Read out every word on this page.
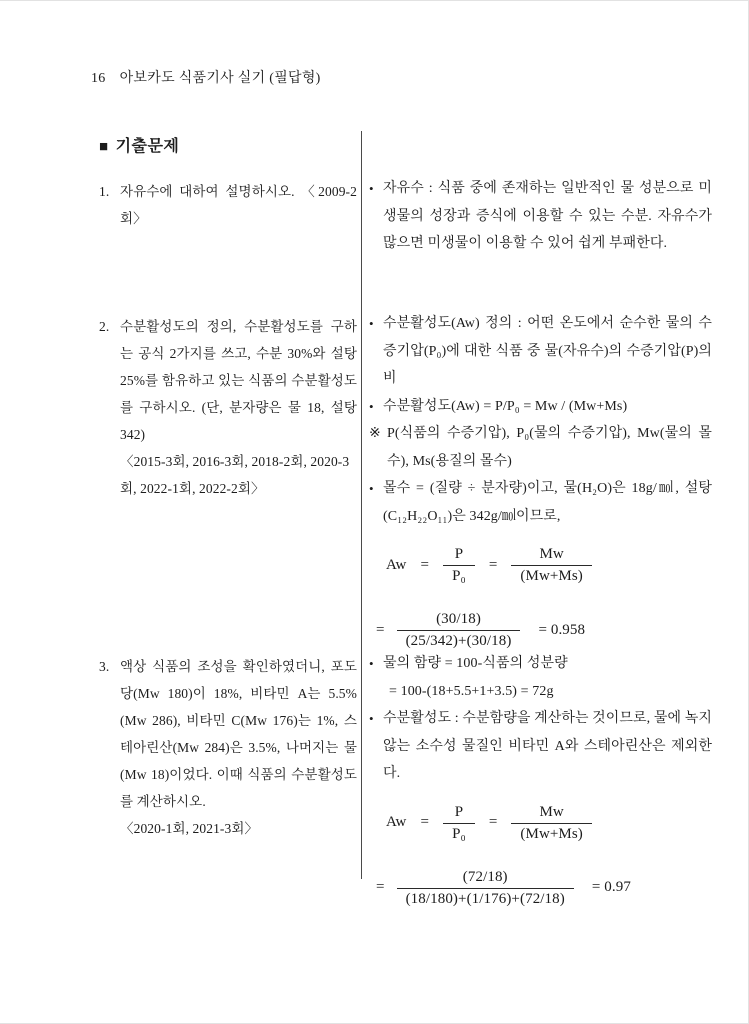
16 아보카도 식품기사 실기 (필답형)
■ 기출문제
1. 자유수에 대하여 설명하시오. 〈2009-2회〉
• 자유수 : 식품 중에 존재하는 일반적인 물 성분으로 미생물의 성장과 증식에 이용할 수 있는 수분. 자유수가 많으면 미생물이 이용할 수 있어 쉽게 부패한다.
2. 수분활성도의 정의, 수분활성도를 구하는 공식 2가지를 쓰고, 수분 30%와 설탕 25%를 함유하고 있는 식품의 수분활성도를 구하시오. (단, 분자량은 물 18, 설탕 342)
〈2015-3회, 2016-3회, 2018-2회, 2020-3회, 2022-1회, 2022-2회〉
• 수분활성도(Aw) 정의 : 어떤 온도에서 순수한 물의 수증기압(P₀)에 대한 식품 중 물(자유수)의 수증기압(P)의 비
• 수분활성도(Aw) = P/P₀ = Mw / (Mw+Ms)
※ P(식품의 수증기압), P₀(물의 수증기압), Mw(물의 몰수), Ms(용질의 몰수)
• 몰수 = (질량 ÷ 분자량)이고, 물(H₂O)은 18g/㏖, 설탕(C₁₂H₂₂O₁₁)은 342g/㏖이므로,
$Aw = \frac{P}{\text{P₀}} = \frac{Mw}{(Mw+Ms)}$
= $\frac{(30/18)}{(25/342)+(30/18)} = 0.958$
3. 액상 식품의 조성을 확인하였더니, 포도당(Mw 180)이 18%, 비타민 A는 5.5%(Mw 286), 비타민 C(Mw 176)는 1%, 스테아린산(Mw 284)은 3.5%, 나머지는 물(Mw 18)이었다. 이때 식품의 수분활성도를 계산하시오.
〈2020-1회, 2021-3회〉
• 물의 함량 = 100-식품의 성분량
= 100-(18+5.5+1+3.5) = 72g
• 수분활성도 : 수분함량을 계산하는 것이므로, 물에 녹지 않는 소수성 물질인 비타민 A와 스테아린산은 제외한다.
$Aw = \frac{P}{\text{P₀}} = \frac{Mw}{(Mw+Ms)}$
= $\frac{(72/18)}{(18/180)+(1/176)+(72/18)} = 0.97$
